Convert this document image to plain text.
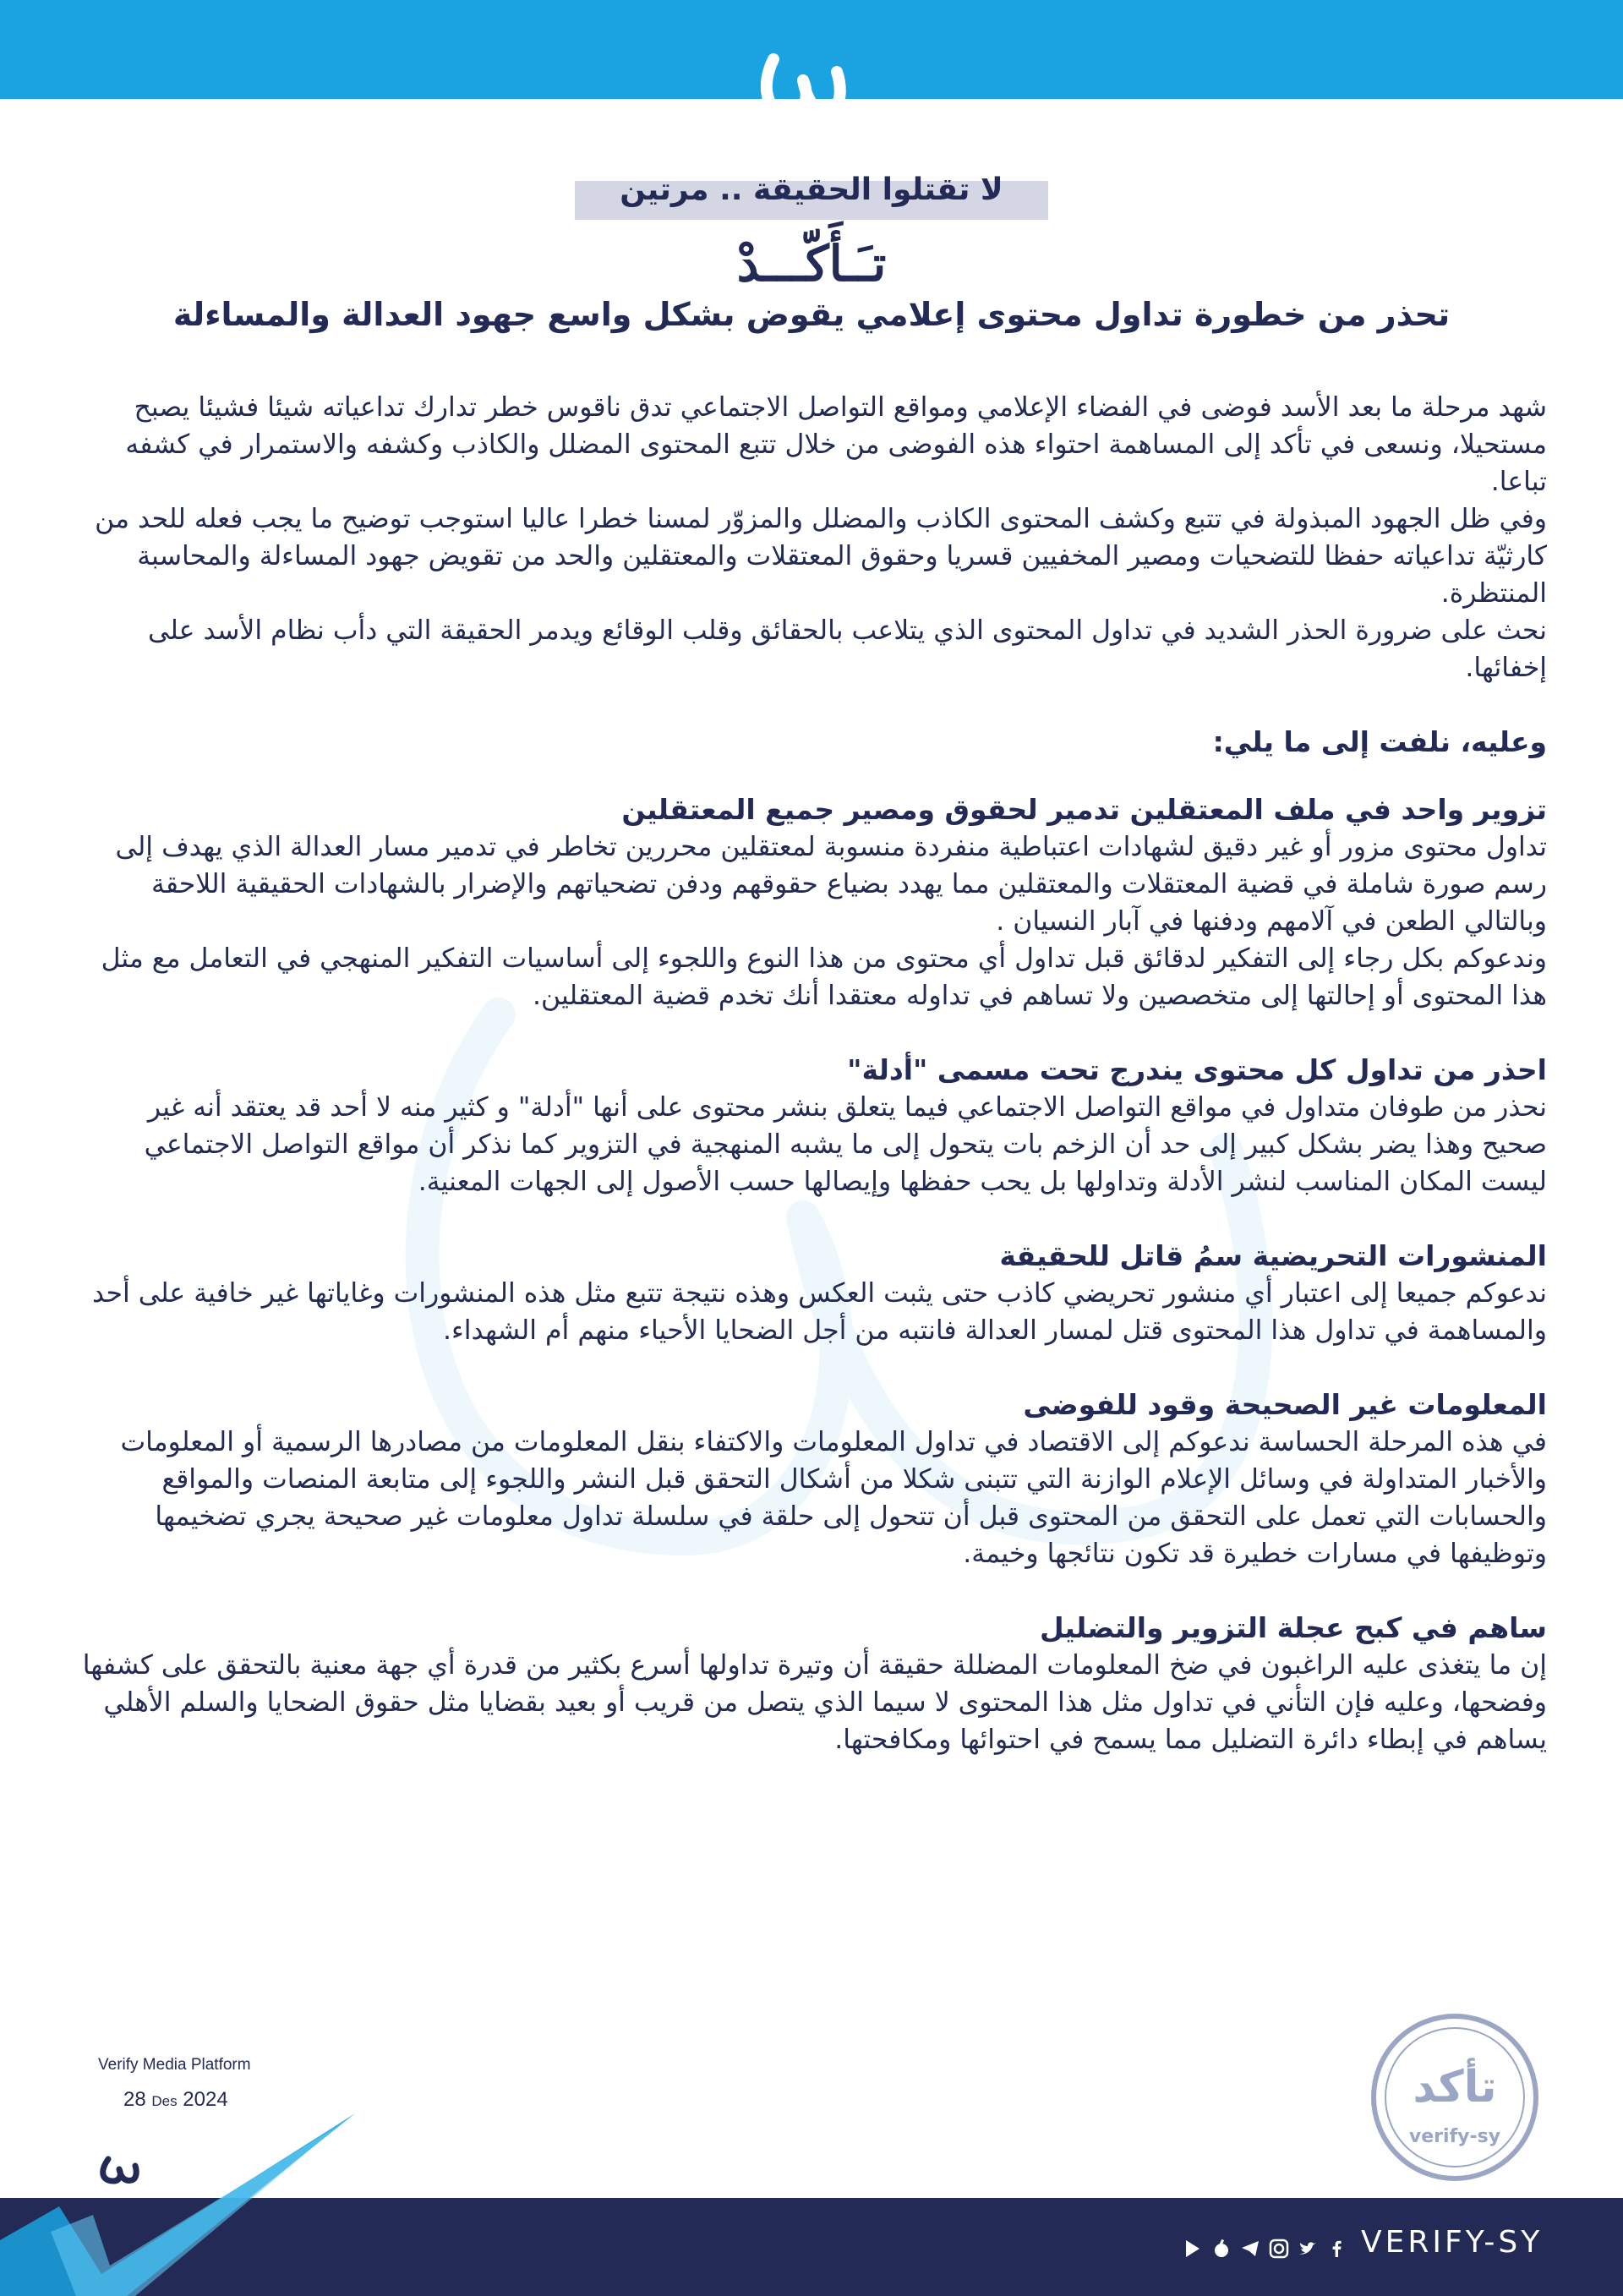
لا تقتلوا الحقيقة .. مرتين
تـَـأَكّـــدْ
تحذر من خطورة تداول محتوى إعلامي يقوض بشكل واسع جهود العدالة والمساءلة

شهد مرحلة ما بعد الأسد فوضى في الفضاء الإعلامي ومواقع التواصل الاجتماعي تدق ناقوس خطر تدارك تداعياته شيئا فشيئا يصبح مستحيلا، ونسعى في تأكد إلى المساهمة احتواء هذه الفوضى من خلال تتبع المحتوى المضلل والكاذب وكشفه والاستمرار في كشفه تباعا.

وفي ظل الجهود المبذولة في تتبع وكشف المحتوى الكاذب والمضلل والمزوّر لمسنا خطرا عاليا استوجب توضيح ما يجب فعله للحد من كارثيّة تداعياته حفظا للتضحيات ومصير المخفيين قسريا وحقوق المعتقلات والمعتقلين والحد من تقويض جهود المساءلة والمحاسبة المنتظرة.

نحث على ضرورة الحذر الشديد في تداول المحتوى الذي يتلاعب بالحقائق وقلب الوقائع ويدمر الحقيقة التي دأب نظام الأسد على إخفائها.

وعليه، نلفت إلى ما يلي:
تزوير واحد في ملف المعتقلين تدمير لحقوق ومصير جميع المعتقلين

تداول محتوى مزور أو غير دقيق لشهادات اعتباطية منفردة منسوبة لمعتقلين محررين تخاطر في تدمير مسار العدالة الذي يهدف إلى رسم صورة شاملة في قضية المعتقلات والمعتقلين مما يهدد بضياع حقوقهم ودفن تضحياتهم والإضرار بالشهادات الحقيقية اللاحقة وبالتالي الطعن في آلامهم ودفنها في آبار النسيان .

وندعوكم بكل رجاء إلى التفكير لدقائق قبل تداول أي محتوى من هذا النوع واللجوء إلى أساسيات التفكير المنهجي في التعامل مع مثل هذا المحتوى أو إحالتها إلى متخصصين ولا تساهم في تداوله معتقدا أنك تخدم قضية المعتقلين.

احذر من تداول كل محتوى يندرج تحت مسمى "أدلة"

نحذر من طوفان متداول في مواقع التواصل الاجتماعي فيما يتعلق بنشر محتوى على أنها "أدلة" و كثير منه لا أحد قد يعتقد أنه غير صحيح وهذا يضر بشكل كبير إلى حد أن الزخم بات يتحول إلى ما يشبه المنهجية في التزوير كما نذكر أن مواقع التواصل الاجتماعي ليست المكان المناسب لنشر الأدلة وتداولها بل يحب حفظها وإيصالها حسب الأصول إلى الجهات المعنية.

المنشورات التحريضية سمُ قاتل للحقيقة

ندعوكم جميعا إلى اعتبار أي منشور تحريضي كاذب حتى يثبت العكس وهذه نتيجة تتبع مثل هذه المنشورات وغاياتها غير خافية على أحد والمساهمة في تداول هذا المحتوى قتل لمسار العدالة فانتبه من أجل الضحايا الأحياء منهم أم الشهداء.

المعلومات غير الصحيحة وقود للفوضى

في هذه المرحلة الحساسة ندعوكم إلى الاقتصاد في تداول المعلومات والاكتفاء بنقل المعلومات من مصادرها الرسمية أو المعلومات والأخبار المتداولة في وسائل الإعلام الوازنة التي تتبنى شكلا من أشكال التحقق قبل النشر واللجوء إلى متابعة المنصات والمواقع والحسابات التي تعمل على التحقق من المحتوى قبل أن تتحول إلى حلقة في سلسلة تداول معلومات غير صحيحة يجري تضخيمها وتوظيفها في مسارات خطيرة قد تكون نتائجها وخيمة.

ساهم في كبح عجلة التزوير والتضليل

إن ما يتغذى عليه الراغبون في ضخ المعلومات المضللة حقيقة أن وتيرة تداولها أسرع بكثير من قدرة أي جهة معنية بالتحقق على كشفها وفضحها، وعليه فإن التأني في تداول مثل هذا المحتوى لا سيما الذي يتصل من قريب أو بعيد بقضايا مثل حقوق الضحايا والسلم الأهلي يساهم في إبطاء دائرة التضليل مما يسمح في احتوائها ومكافحتها.

Verify Media Platform
28 Des 2024	تأكد
verify-sy
VERIFY-SY
